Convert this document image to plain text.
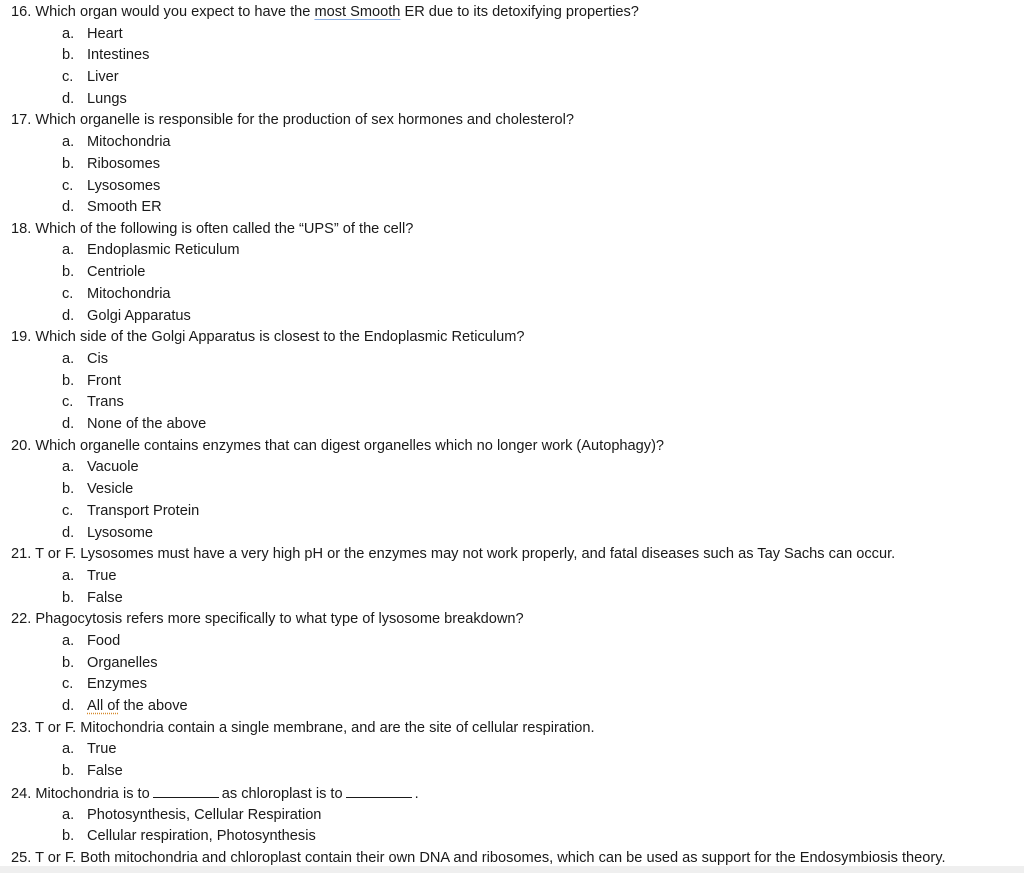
16. Which organ would you expect to have the most Smooth ER due to its detoxifying properties?
a. Heart
b. Intestines
c. Liver
d. Lungs
17. Which organelle is responsible for the production of sex hormones and cholesterol?
a. Mitochondria
b. Ribosomes
c. Lysosomes
d. Smooth ER
18. Which of the following is often called the “UPS” of the cell?
a. Endoplasmic Reticulum
b. Centriole
c. Mitochondria
d. Golgi Apparatus
19. Which side of the Golgi Apparatus is closest to the Endoplasmic Reticulum?
a. Cis
b. Front
c. Trans
d. None of the above
20. Which organelle contains enzymes that can digest organelles which no longer work (Autophagy)?
a. Vacuole
b. Vesicle
c. Transport Protein
d. Lysosome
21. T or F. Lysosomes must have a very high pH or the enzymes may not work properly, and fatal diseases such as Tay Sachs can occur.
a. True
b. False
22. Phagocytosis refers more specifically to what type of lysosome breakdown?
a. Food
b. Organelles
c. Enzymes
d. All of the above
23. T or F. Mitochondria contain a single membrane, and are the site of cellular respiration.
a. True
b. False
24. Mitochondria is to	as chloroplast is to	.
a. Photosynthesis, Cellular Respiration
b. Cellular respiration, Photosynthesis
25. T or F. Both mitochondria and chloroplast contain their own DNA and ribosomes, which can be used as support for the Endosymbiosis theory.
